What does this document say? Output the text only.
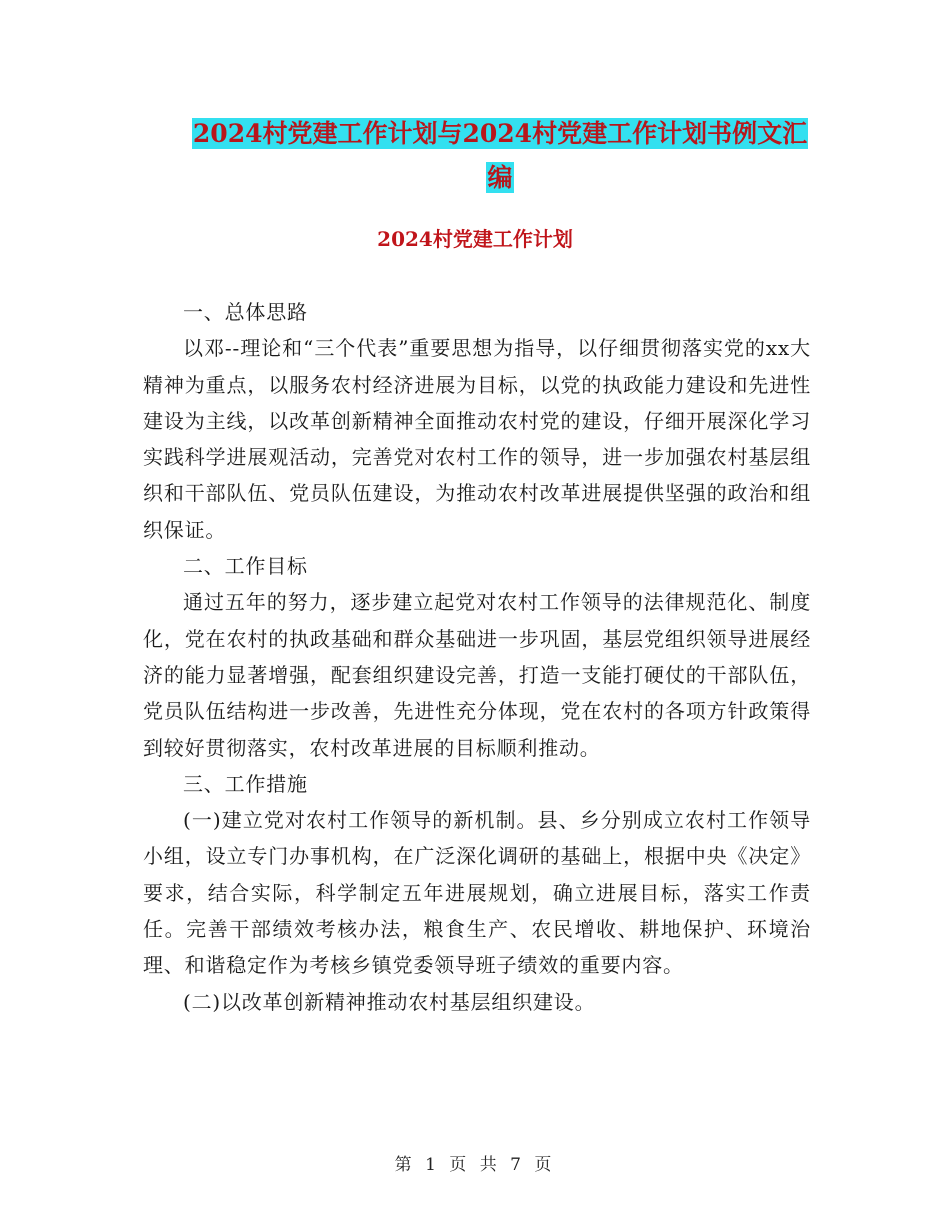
2024村党建工作计划与2024村党建工作计划书例文汇
编
2024村党建工作计划

一、总体思路

以邓--理论和“三个代表”重要思想为指导，以仔细贯彻落实党的xx大精神为重点，以服务农村经济进展为目标，以党的执政能力建设和先进性建设为主线，以改革创新精神全面推动农村党的建设，仔细开展深化学习实践科学进展观活动，完善党对农村工作的领导，进一步加强农村基层组织和干部队伍、党员队伍建设，为推动农村改革进展提供坚强的政治和组织保证。

二、工作目标

通过五年的努力，逐步建立起党对农村工作领导的法律规范化、制度化，党在农村的执政基础和群众基础进一步巩固，基层党组织领导进展经济的能力显著增强，配套组织建设完善，打造一支能打硬仗的干部队伍，党员队伍结构进一步改善，先进性充分体现，党在农村的各项方针政策得到较好贯彻落实，农村改革进展的目标顺利推动。

三、工作措施

(一)建立党对农村工作领导的新机制。县、乡分别成立农村工作领导小组，设立专门办事机构，在广泛深化调研的基础上，根据中央《决定》要求，结合实际，科学制定五年进展规划，确立进展目标，落实工作责任。完善干部绩效考核办法，粮食生产、农民增收、耕地保护、环境治理、和谐稳定作为考核乡镇党委领导班子绩效的重要内容。

(二)以改革创新精神推动农村基层组织建设。

第 1 页 共 7 页
